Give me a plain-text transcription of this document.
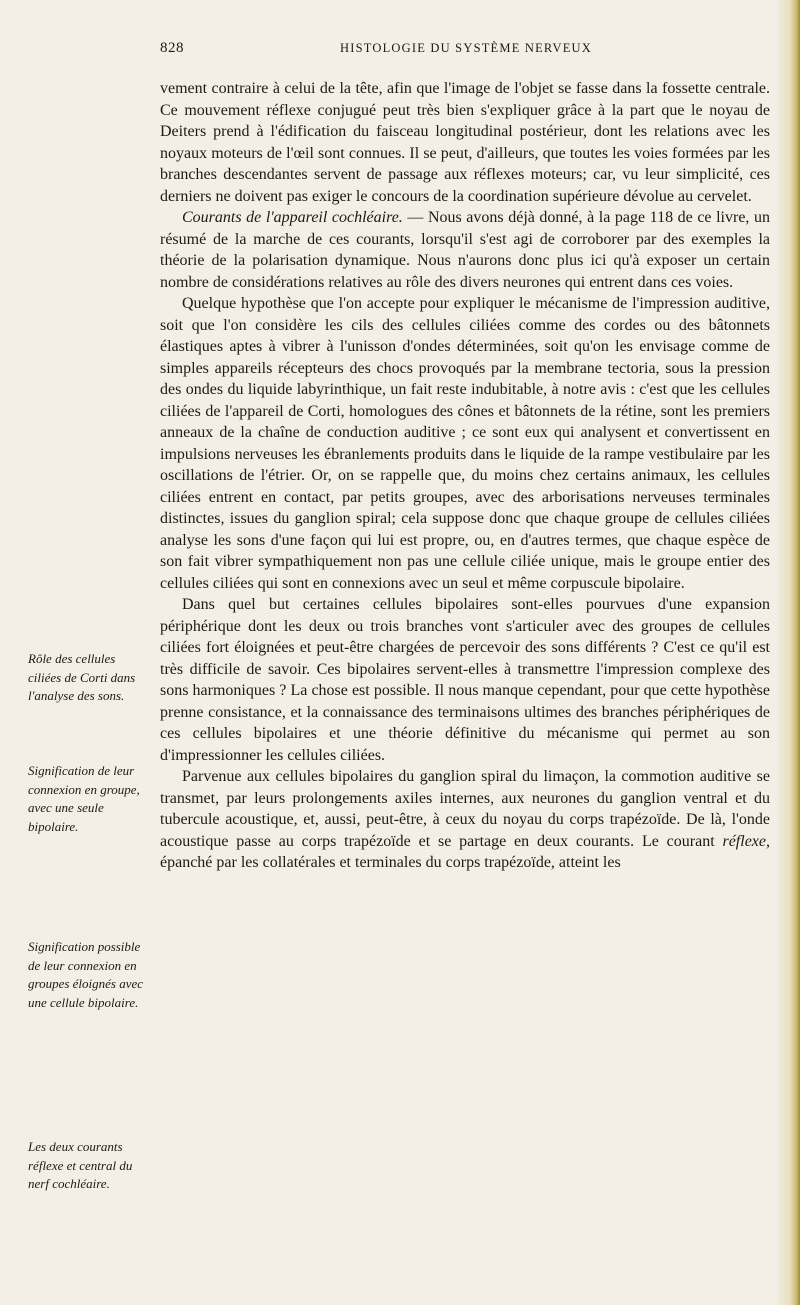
828	HISTOLOGIE DU SYSTÈME NERVEUX
Rôle des cellules ciliées de Corti dans l'analyse des sons.
Signification de leur connexion en groupe, avec une seule bipolaire.
Signification possible de leur connexion en groupes éloignés avec une cellule bipolaire.
Les deux courants réflexe et central du nerf cochléaire.

vement contraire à celui de la tête, afin que l'image de l'objet se fasse dans la fossette centrale. Ce mouvement réflexe conjugué peut très bien s'expliquer grâce à la part que le noyau de Deiters prend à l'édification du faisceau longitudinal postérieur, dont les relations avec les noyaux moteurs de l'œil sont connues. Il se peut, d'ailleurs, que toutes les voies formées par les branches descendantes servent de passage aux réflexes moteurs; car, vu leur simplicité, ces derniers ne doivent pas exiger le concours de la coordination supérieure dévolue au cervelet.

Courants de l'appareil cochléaire. — Nous avons déjà donné, à la page 118 de ce livre, un résumé de la marche de ces courants, lorsqu'il s'est agi de corroborer par des exemples la théorie de la polarisation dynamique. Nous n'aurons donc plus ici qu'à exposer un certain nombre de considérations relatives au rôle des divers neurones qui entrent dans ces voies.

Quelque hypothèse que l'on accepte pour expliquer le mécanisme de l'impression auditive, soit que l'on considère les cils des cellules ciliées comme des cordes ou des bâtonnets élastiques aptes à vibrer à l'unisson d'ondes déterminées, soit qu'on les envisage comme de simples appareils récepteurs des chocs provoqués par la membrane tectoria, sous la pression des ondes du liquide labyrinthique, un fait reste indubitable, à notre avis : c'est que les cellules ciliées de l'appareil de Corti, homologues des cônes et bâtonnets de la rétine, sont les premiers anneaux de la chaîne de conduction auditive ; ce sont eux qui analysent et convertissent en impulsions nerveuses les ébranlements produits dans le liquide de la rampe vestibulaire par les oscillations de l'étrier. Or, on se rappelle que, du moins chez certains animaux, les cellules ciliées entrent en contact, par petits groupes, avec des arborisations nerveuses terminales distinctes, issues du ganglion spiral; cela suppose donc que chaque groupe de cellules ciliées analyse les sons d'une façon qui lui est propre, ou, en d'autres termes, que chaque espèce de son fait vibrer sympathiquement non pas une cellule ciliée unique, mais le groupe entier des cellules ciliées qui sont en connexions avec un seul et même corpuscule bipolaire.

Dans quel but certaines cellules bipolaires sont-elles pourvues d'une expansion périphérique dont les deux ou trois branches vont s'articuler avec des groupes de cellules ciliées fort éloignées et peut-être chargées de percevoir des sons différents ? C'est ce qu'il est très difficile de savoir. Ces bipolaires servent-elles à transmettre l'impression complexe des sons harmoniques ? La chose est possible. Il nous manque cependant, pour que cette hypothèse prenne consistance, et la connaissance des terminaisons ultimes des branches périphériques de ces cellules bipolaires et une théorie définitive du mécanisme qui permet au son d'impressionner les cellules ciliées.

Parvenue aux cellules bipolaires du ganglion spiral du limaçon, la commotion auditive se transmet, par leurs prolongements axiles internes, aux neurones du ganglion ventral et du tubercule acoustique, et, aussi, peut-être, à ceux du noyau du corps trapézoïde. De là, l'onde acoustique passe au corps trapézoïde et se partage en deux courants. Le courant réflexe, épanché par les collatérales et terminales du corps trapézoïde, atteint les
